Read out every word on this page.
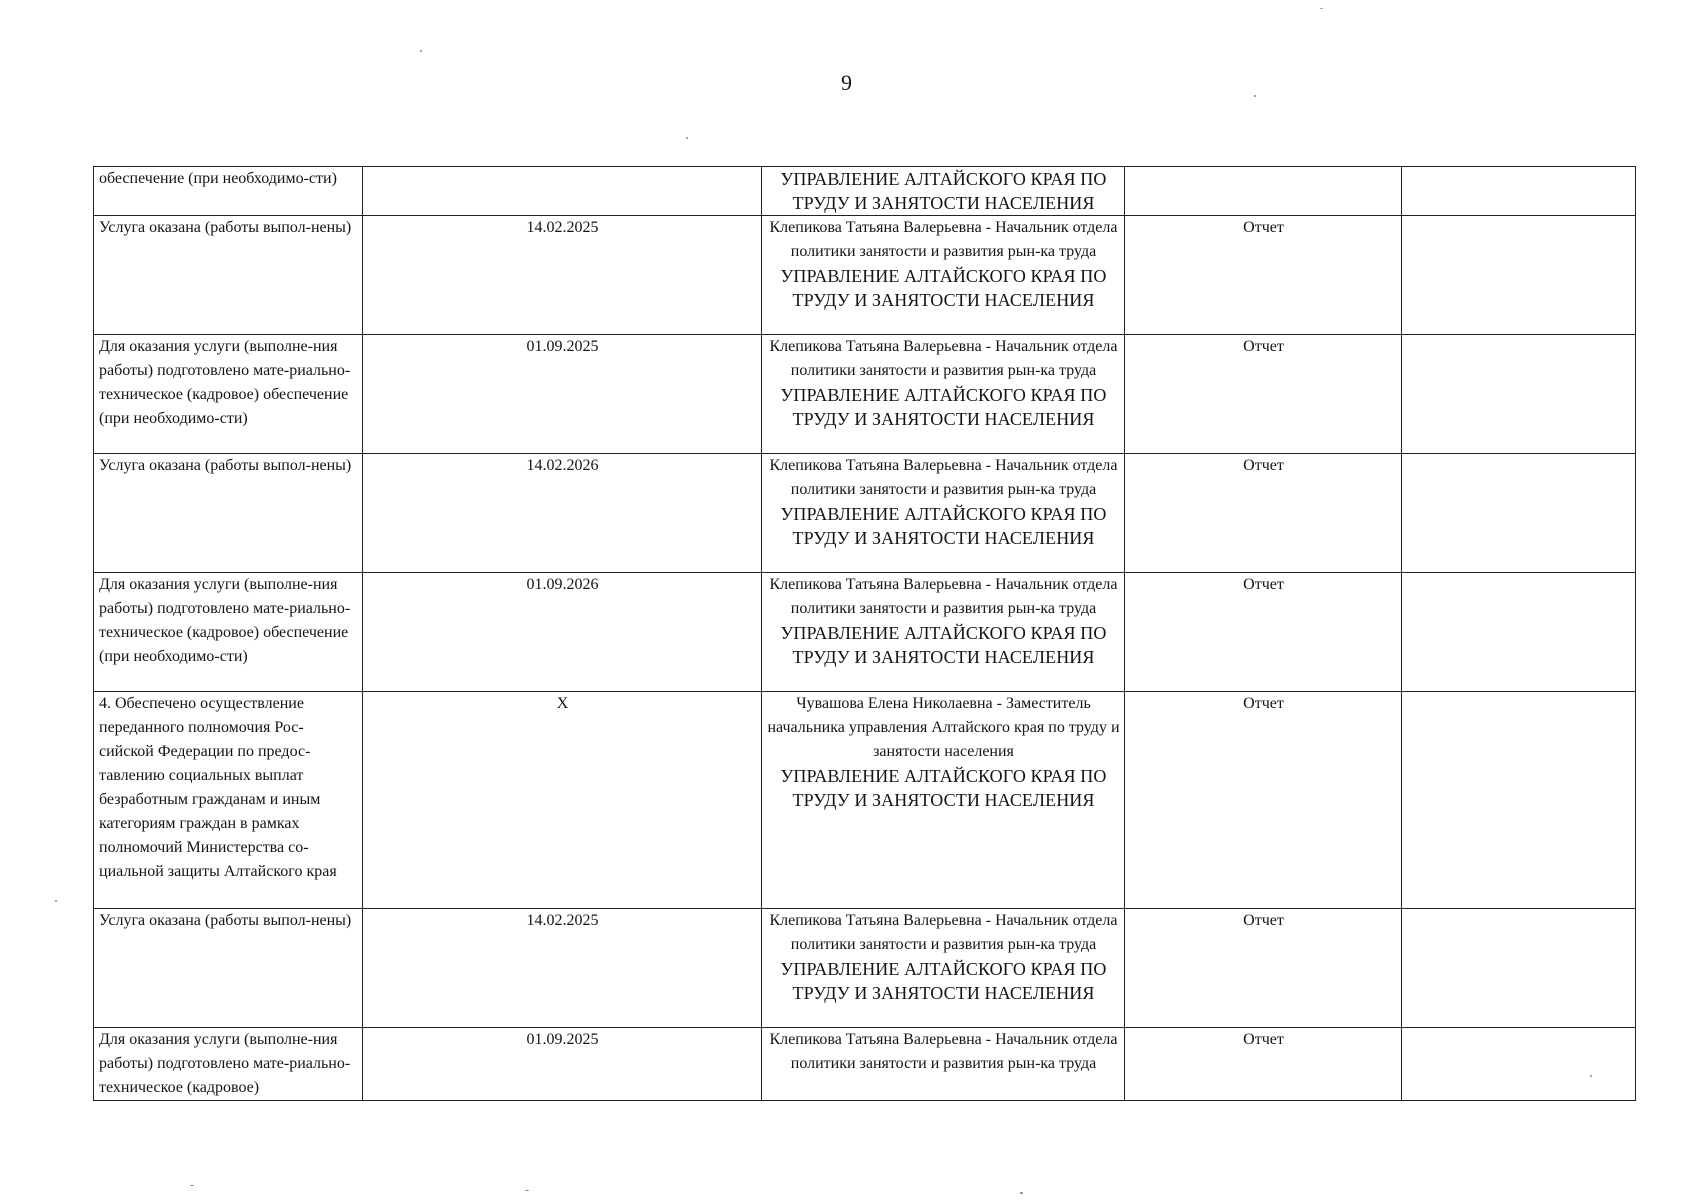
9
обеспечение (при необходимо-сти)		УПРАВЛЕНИЕ АЛТАЙСКОГО КРАЯ ПО ТРУДУ И ЗАНЯТОСТИ НАСЕЛЕНИЯ		

Услуга оказана (работы выпол-нены)	14.02.2025	Клепикова Татьяна Валерьевна - Начальник отдела политики занятости и развития рын-ка труда
УПРАВЛЕНИЕ АЛТАЙСКОГО КРАЯ ПО ТРУДУ И ЗАНЯТОСТИ НАСЕЛЕНИЯ	Отчет	
Для оказания услуги (выполне-ния работы) подготовлено мате-риально-техническое (кадровое) обеспечение (при необходимо-сти)	01.09.2025	Клепикова Татьяна Валерьевна - Начальник отдела политики занятости и развития рын-ка труда
УПРАВЛЕНИЕ АЛТАЙСКОГО КРАЯ ПО ТРУДУ И ЗАНЯТОСТИ НАСЕЛЕНИЯ	Отчет	
Услуга оказана (работы выпол-нены)	14.02.2026	Клепикова Татьяна Валерьевна - Начальник отдела политики занятости и развития рын-ка труда
УПРАВЛЕНИЕ АЛТАЙСКОГО КРАЯ ПО ТРУДУ И ЗАНЯТОСТИ НАСЕЛЕНИЯ	Отчет	
Для оказания услуги (выполне-ния работы) подготовлено мате-риально-техническое (кадровое) обеспечение (при необходимо-сти)	01.09.2026	Клепикова Татьяна Валерьевна - Начальник отдела политики занятости и развития рын-ка труда
УПРАВЛЕНИЕ АЛТАЙСКОГО КРАЯ ПО ТРУДУ И ЗАНЯТОСТИ НАСЕЛЕНИЯ	Отчет	
4. Обеспечено осуществление переданного полномочия Рос-сийской Федерации по предос-тавлению социальных выплат безработным гражданам и иным категориям граждан в рамках полномочий Министерства со-циальной защиты Алтайского края	X	Чувашова Елена Николаевна - Заместитель начальника управления Алтайского края по труду и занятости населения
УПРАВЛЕНИЕ АЛТАЙСКОГО КРАЯ ПО ТРУДУ И ЗАНЯТОСТИ НАСЕЛЕНИЯ	Отчет	
Услуга оказана (работы выпол-нены)	14.02.2025	Клепикова Татьяна Валерьевна - Начальник отдела политики занятости и развития рын-ка труда
УПРАВЛЕНИЕ АЛТАЙСКОГО КРАЯ ПО ТРУДУ И ЗАНЯТОСТИ НАСЕЛЕНИЯ	Отчет	
Для оказания услуги (выполне-ния работы) подготовлено мате-риально-техническое (кадровое)	01.09.2025	Клепикова Татьяна Валерьевна - Начальник отдела политики занятости и развития рын-ка труда	Отчет	
